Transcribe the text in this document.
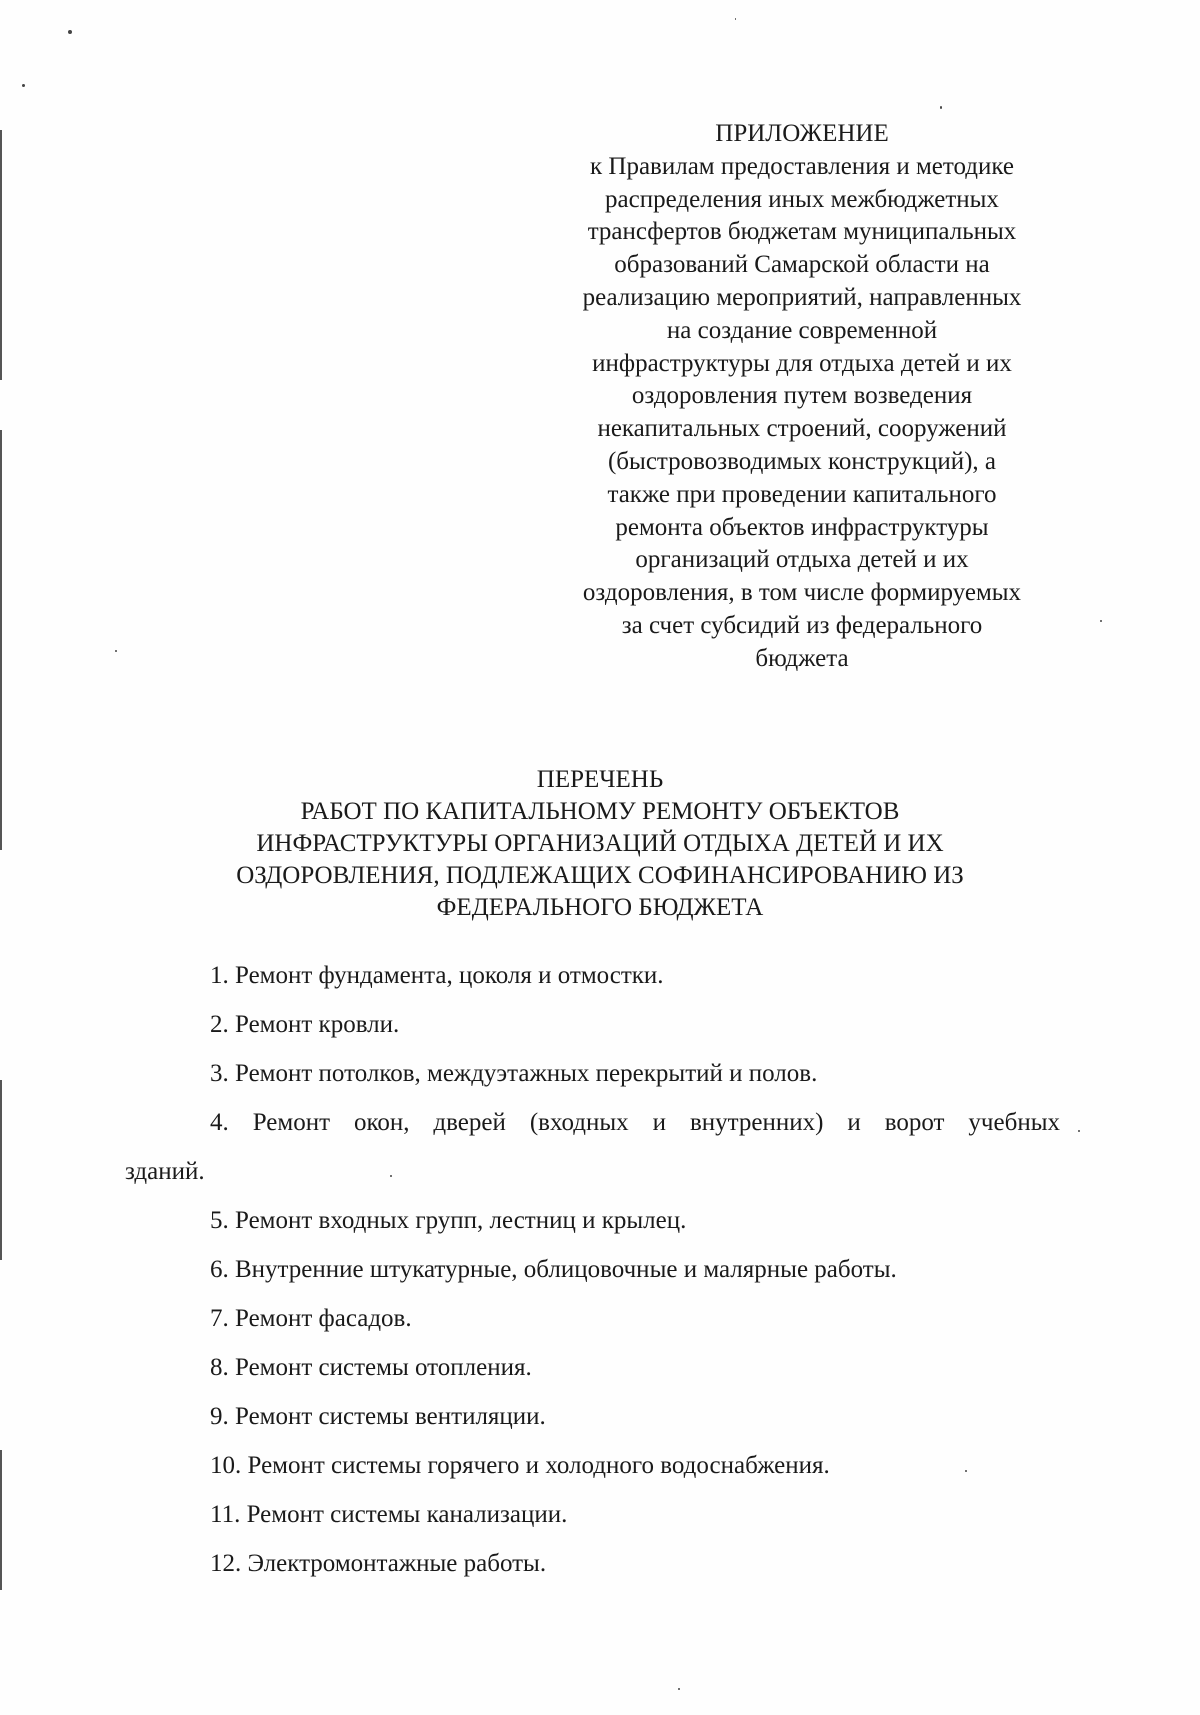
ПРИЛОЖЕНИЕ
к Правилам предоставления и методике
распределения иных межбюджетных
трансфертов бюджетам муниципальных
образований Самарской области на
реализацию мероприятий, направленных
на создание современной
инфраструктуры для отдыха детей и их
оздоровления путем возведения
некапитальных строений, сооружений
(быстровозводимых конструкций), а
также при проведении капитального
ремонта объектов инфраструктуры
организаций отдыха детей и их
оздоровления, в том числе формируемых
за счет субсидий из федерального
бюджета
ПЕРЕЧЕНЬ
РАБОТ ПО КАПИТАЛЬНОМУ РЕМОНТУ ОБЪЕКТОВ
ИНФРАСТРУКТУРЫ ОРГАНИЗАЦИЙ ОТДЫХА ДЕТЕЙ И ИХ
ОЗДОРОВЛЕНИЯ, ПОДЛЕЖАЩИХ СОФИНАНСИРОВАНИЮ ИЗ
ФЕДЕРАЛЬНОГО БЮДЖЕТА
1. Ремонт фундамента, цоколя и отмостки.
2. Ремонт кровли.
3. Ремонт потолков, междуэтажных перекрытий и полов.
4. Ремонт окон, дверей (входных и внутренних) и ворот учебных
зданий.
5. Ремонт входных групп, лестниц и крылец.
6. Внутренние штукатурные, облицовочные и малярные работы.
7. Ремонт фасадов.
8. Ремонт системы отопления.
9. Ремонт системы вентиляции.
10. Ремонт системы горячего и холодного водоснабжения.
11. Ремонт системы канализации.
12. Электромонтажные работы.
